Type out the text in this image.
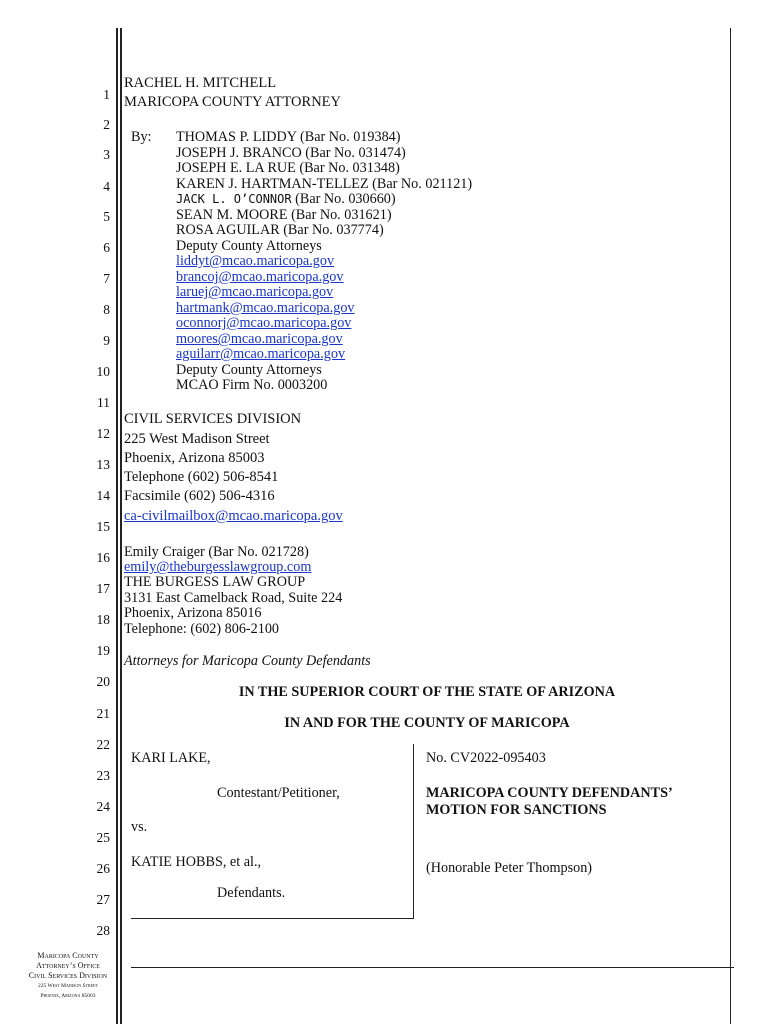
1
2
3
4
5
6
7
8
9
10
11
12
13
14
15
16
17
18
19
20
21
22
23
24
25
26
27
28
RACHEL H. MITCHELL
MARICOPA COUNTY ATTORNEY
By: THOMAS P. LIDDY (Bar No. 019384)
JOSEPH J. BRANCO (Bar No. 031474)
JOSEPH E. LA RUE (Bar No. 031348)
KAREN J. HARTMAN-TELLEZ (Bar No. 021121)
JACK L. O’CONNOR (Bar No. 030660)
SEAN M. MOORE (Bar No. 031621)
ROSA AGUILAR (Bar No. 037774)
Deputy County Attorneys
liddyt@mcao.maricopa.gov
brancoj@mcao.maricopa.gov
laruej@mcao.maricopa.gov
hartmank@mcao.maricopa.gov
oconnorj@mcao.maricopa.gov
moores@mcao.maricopa.gov
aguilarr@mcao.maricopa.gov
Deputy County Attorneys
MCAO Firm No. 0003200
CIVIL SERVICES DIVISION
225 West Madison Street
Phoenix, Arizona 85003
Telephone (602) 506-8541
Facsimile (602) 506-4316
ca-civilmailbox@mcao.maricopa.gov
Emily Craiger (Bar No. 021728)
emily@theburgesslawgroup.com
THE BURGESS LAW GROUP
3131 East Camelback Road, Suite 224
Phoenix, Arizona 85016
Telephone: (602) 806-2100
Attorneys for Maricopa County Defendants
IN THE SUPERIOR COURT OF THE STATE OF ARIZONA
IN AND FOR THE COUNTY OF MARICOPA
KARI LAKE,
Contestant/Petitioner,
vs.
KATIE HOBBS, et al.,
Defendants.
No. CV2022-095403
MARICOPA COUNTY DEFENDANTS’
MOTION FOR SANCTIONS
(Honorable Peter Thompson)
Maricopa County
Attorney’s Office
Civil Services Division
225 West Madison Street
Phoenix, Arizona 85003
